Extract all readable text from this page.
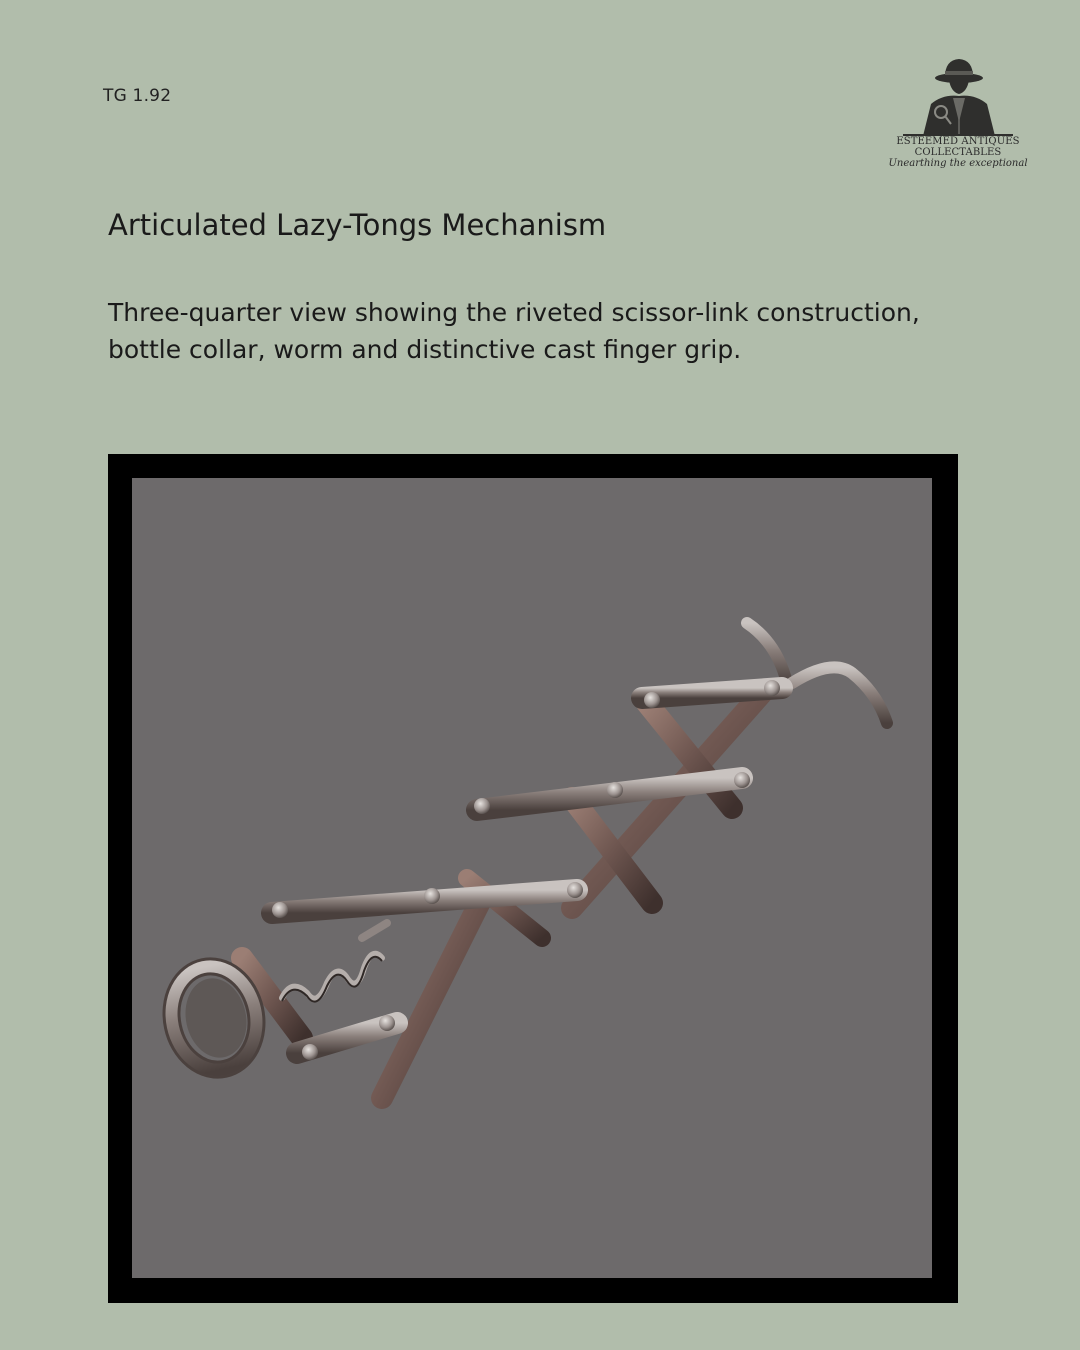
TG 1.92
ESTEEMED ANTIQUES
COLLECTABLES
Unearthing the exceptional
Articulated Lazy-Tongs Mechanism

Three-quarter view showing the riveted scissor-link construction, bottle collar, worm and distinctive cast finger grip.
